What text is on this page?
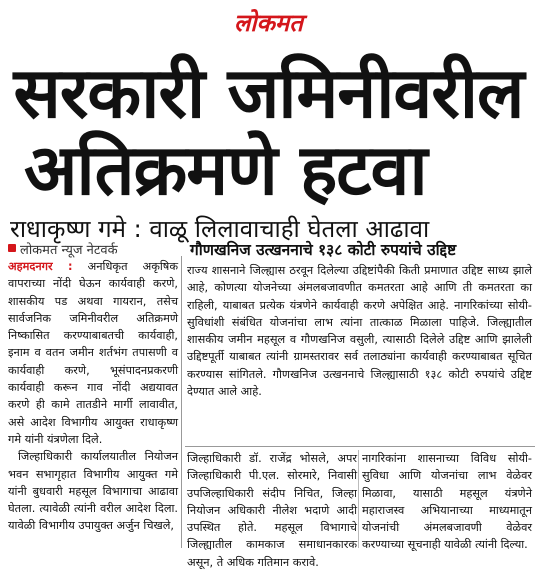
लोकमत
सरकारी जमिनीवरील
अतिक्रमणे हटवा
राधाकृष्ण गमे : वाळू लिलावाचाही घेतला आढावा
लोकमत न्यूज नेटवर्क	गौणखनिज उत्खननाचे १३८ कोटी रुपयांचे उद्दिष्ट

अहमदनगर : अनधिकृत अकृषिक वापराच्या नोंदी घेऊन कार्यवाही करणे, शासकीय पड अथवा गायरान, तसेच सार्वजनिक जमिनीवरील अतिक्रमणे निष्कासित करण्याबाबतची कार्यवाही, इनाम व वतन जमीन शर्तभंग तपासणी व कार्यवाही करणे, भूसंपादनप्रकरणी कार्यवाही करून गाव नोंदी अद्ययावत करणे ही कामे तातडीने मार्गी लावावीत, असे आदेश विभागीय आयुक्त राधाकृष्ण गमे यांनी यंत्रणेला दिले.

जिल्हाधिकारी कार्यालयातील नियोजन भवन सभागृहात विभागीय आयुक्त गमे यांनी बुधवारी महसूल विभागाचा आढावा घेतला. त्यावेळी त्यांनी वरील आदेश दिला. यावेळी विभागीय उपायुक्त अर्जुन चिखले,

राज्य शासनाने जिल्ह्यास ठरवून दिलेल्या उद्दिष्टांपैकी किती प्रमाणात उद्दिष्ट साध्य झाले आहे, कोणत्या योजनेच्या अंमलबजावणीत कमतरता आहे आणि ती कमतरता का राहिली, याबाबत प्रत्येक यंत्रणेने कार्यवाही करणे अपेक्षित आहे. नागरिकांच्या सोयी-सुविधांशी संबंधित योजनांचा लाभ त्यांना तात्काळ मिळाला पाहिजे. जिल्ह्यातील शासकीय जमीन महसूल व गौणखनिज वसुली, त्यासाठी दिलेले उद्दिष्ट आणि झालेली उद्दिष्टपूर्ती याबाबत त्यांनी ग्रामस्तरावर सर्व तलाठ्यांना कार्यवाही करण्याबाबत सूचित करण्यास सांगितले. गौणखनिज उत्खननाचे जिल्ह्यासाठी १३८ कोटी रुपयांचे उद्दिष्ट देण्यात आले आहे.

जिल्हाधिकारी डॉ. राजेंद्र भोसले, अपर जिल्हाधिकारी पी.एल. सोरमारे, निवासी उपजिल्हाधिकारी संदीप निचित, जिल्हा नियोजन अधिकारी नीलेश भदाणे आदी उपस्थित होते. महसूल विभागाचे जिल्ह्यातील कामकाज समाधानकारक असून, ते अधिक गतिमान करावे.

नागरिकांना शासनाच्या विविध सोयी-सुविधा आणि योजनांचा लाभ वेळेवर मिळावा, यासाठी महसूल यंत्रणेने महाराजस्व अभियानाच्या माध्यमातून योजनांची अंमलबजावणी वेळेवर करण्याच्या सूचनाही यावेळी त्यांनी दिल्या.
